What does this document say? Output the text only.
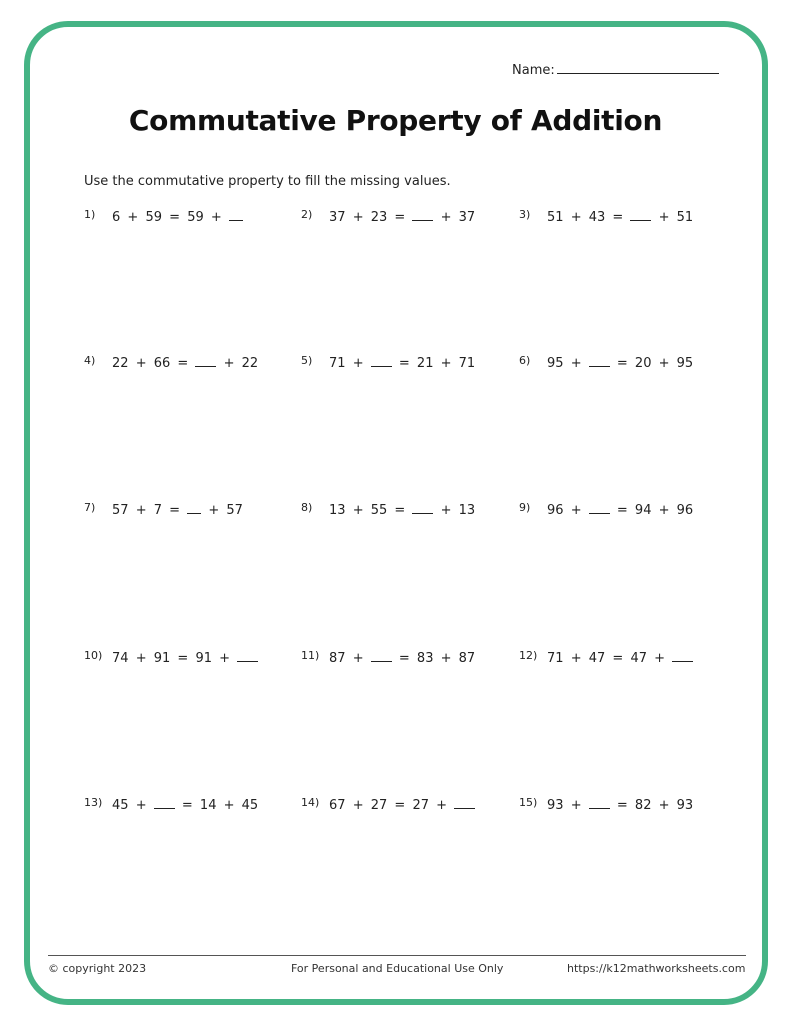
Name:
Commutative Property of Addition
Use the commutative property to fill the missing values.
1) 6 + 59 = 59 +	2) 37 + 23 =	+ 37	3) 51 + 43 =	+ 51
4) 22 + 66 =	+ 22	5) 71 +	= 21 + 71	6) 95 +	= 20 + 95
7) 57 + 7 = + 57	8) 13 + 55 =	+ 13	9) 96 +	= 94 + 96
10) 74 + 91 = 91 +	11) 87 +	= 83 + 87	12) 71 + 47 = 47 +
13) 45 +	= 14 + 45	14) 67 + 27 = 27 +	15) 93 +	= 82 + 93
© copyright 2023	For Personal and Educational Use Only	https://k12mathworksheets.com
